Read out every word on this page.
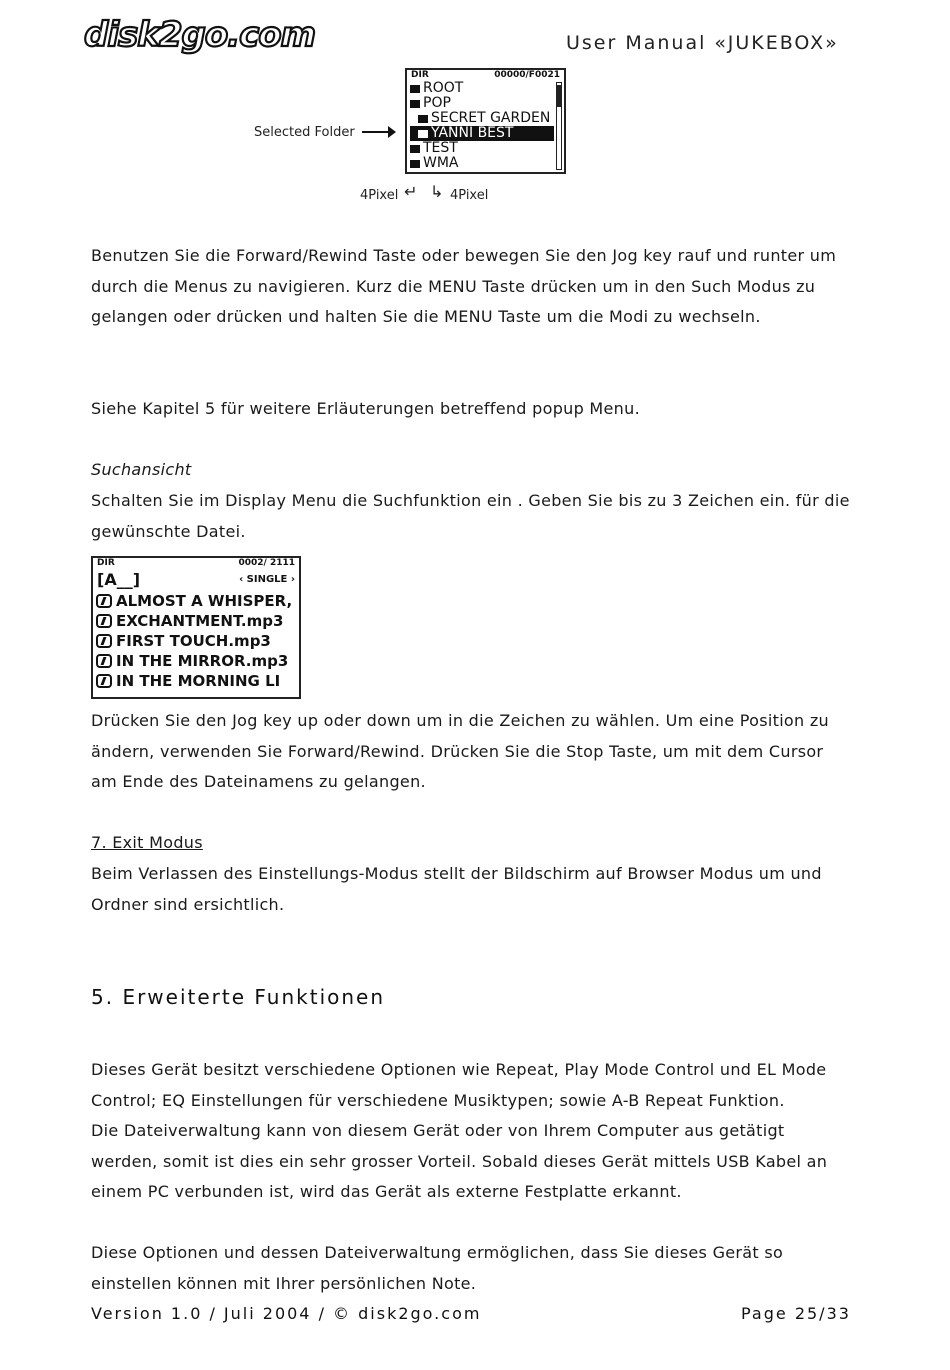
disk2go.com	User Manual «JUKEBOX»
Selected Folder
DIR	00000/F0021
ROOT
POP
SECRET GARDEN
YANNI BEST
TEST
WMA
4Pixel ↵ ↳ 4Pixel
Benutzen Sie die Forward/Rewind Taste oder bewegen Sie den Jog key rauf und runter um durch die Menus zu navigieren. Kurz die MENU Taste drücken um in den Such Modus zu gelangen oder drücken und halten Sie die MENU Taste um die Modi zu wechseln.
Siehe Kapitel 5 für weitere Erläuterungen betreffend popup Menu.
Suchansicht
Schalten Sie im Display Menu die Suchfunktion ein . Geben Sie bis zu 3 Zeichen ein. für die gewünschte Datei.
DIR	0002/ 2111
[A__]	‹ SINGLE ›
ALMOST A WHISPER,
EXCHANTMENT.mp3
FIRST TOUCH.mp3
IN THE MIRROR.mp3
IN THE MORNING LI
Drücken Sie den Jog key up oder down um in die Zeichen zu wählen. Um eine Position zu ändern, verwenden Sie Forward/Rewind. Drücken Sie die Stop Taste, um mit dem Cursor am Ende des Dateinamens zu gelangen.
7. Exit Modus
Beim Verlassen des Einstellungs-Modus stellt der Bildschirm auf Browser Modus um und Ordner sind ersichtlich.
5. Erweiterte Funktionen
Dieses Gerät besitzt verschiedene Optionen wie Repeat, Play Mode Control und EL Mode Control; EQ Einstellungen für verschiedene Musiktypen; sowie A-B Repeat Funktion.
Die Dateiverwaltung kann von diesem Gerät oder von Ihrem Computer aus getätigt werden, somit ist dies ein sehr grosser Vorteil. Sobald dieses Gerät mittels USB Kabel an einem PC verbunden ist, wird das Gerät als externe Festplatte erkannt.
Diese Optionen und dessen Dateiverwaltung ermöglichen, dass Sie dieses Gerät so einstellen können mit Ihrer persönlichen Note.
Version 1.0 / Juli 2004 / © disk2go.com	Page 25/33
